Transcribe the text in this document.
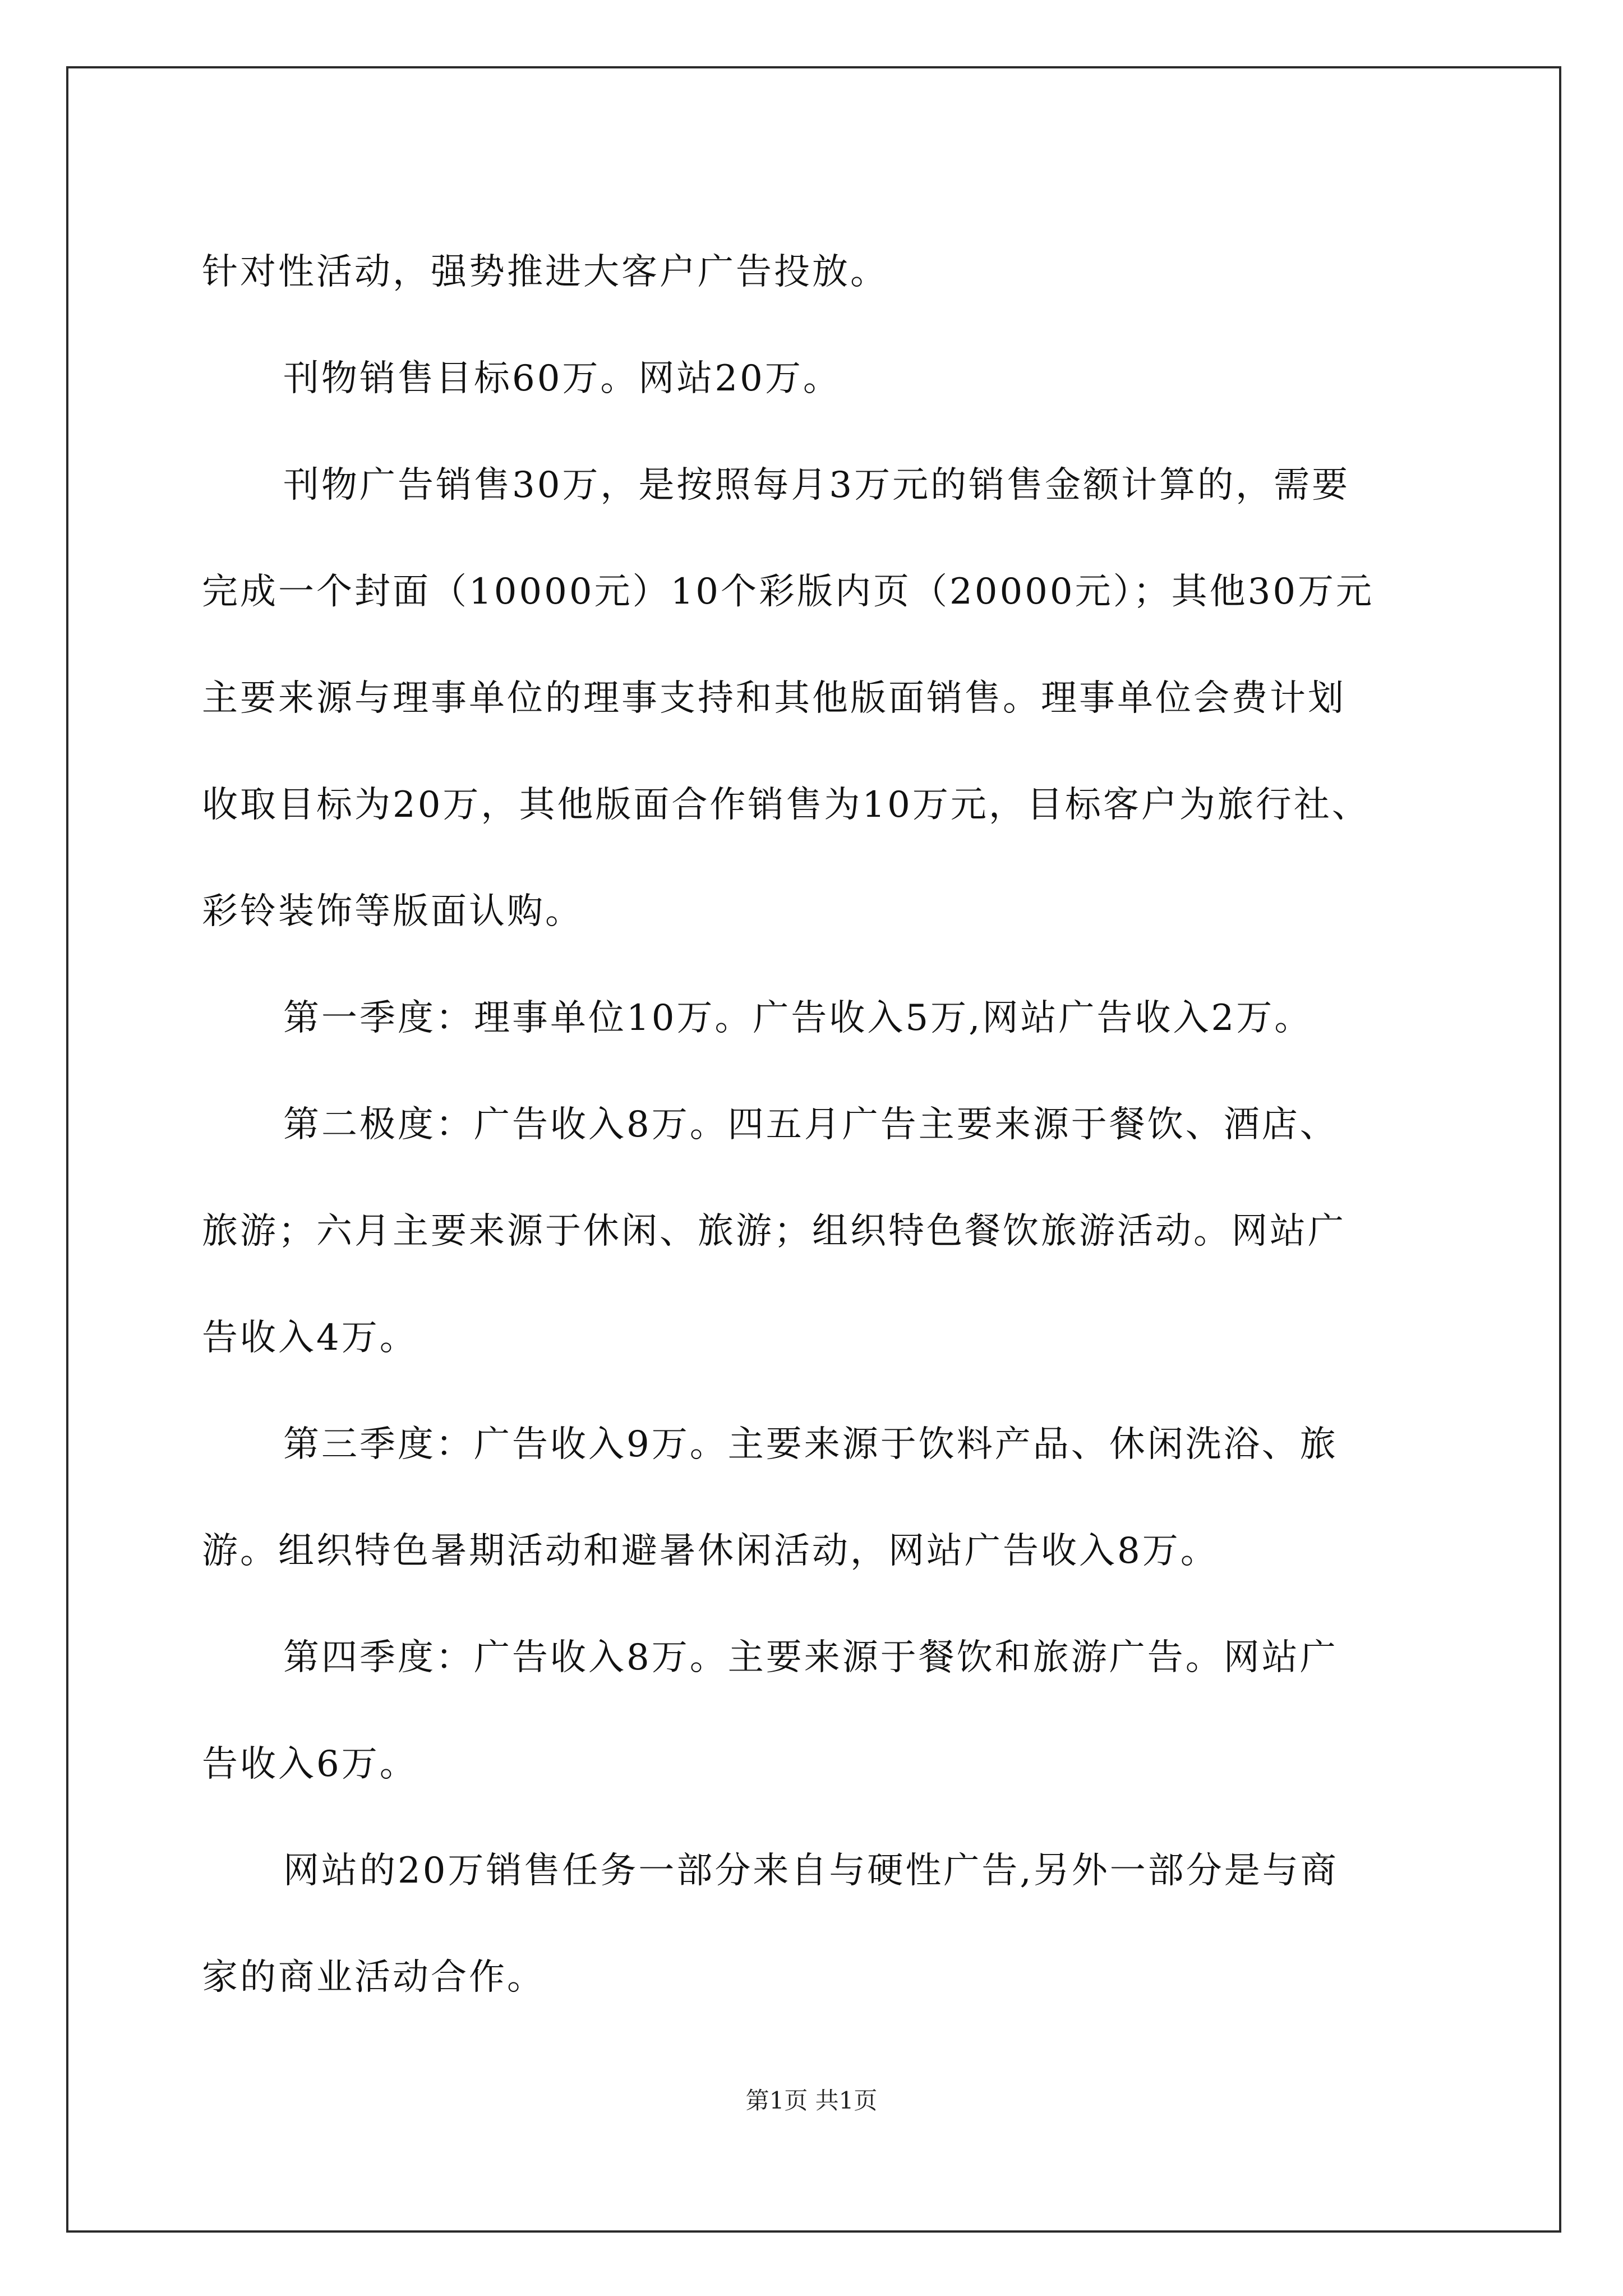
针对性活动，强势推进大客户广告投放。

刊物销售目标60万。网站20万。

刊物广告销售30万，是按照每月3万元的销售金额计算的，需要

完成一个封面（10000元）10个彩版内页（20000元）；其他30万元

主要来源与理事单位的理事支持和其他版面销售。理事单位会费计划

收取目标为20万，其他版面合作销售为10万元，目标客户为旅行社、

彩铃装饰等版面认购。

第一季度：理事单位10万。广告收入5万,网站广告收入2万。

第二极度：广告收入8万。四五月广告主要来源于餐饮、酒店、

旅游；六月主要来源于休闲、旅游；组织特色餐饮旅游活动。网站广

告收入4万。

第三季度：广告收入9万。主要来源于饮料产品、休闲洗浴、旅

游。组织特色暑期活动和避暑休闲活动，网站广告收入8万。

第四季度：广告收入8万。主要来源于餐饮和旅游广告。网站广

告收入6万。

网站的20万销售任务一部分来自与硬性广告,另外一部分是与商

家的商业活动合作。

第1页 共1页
